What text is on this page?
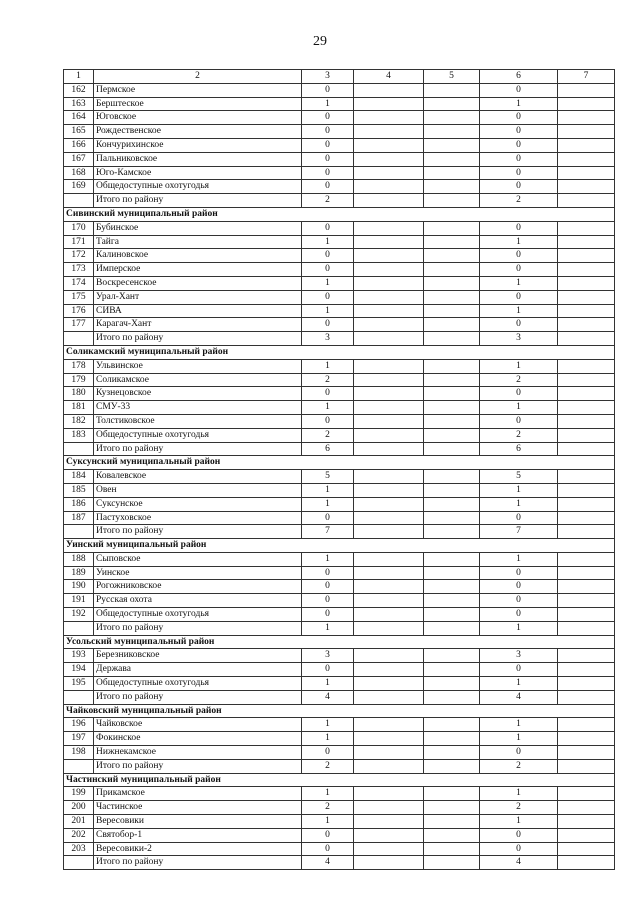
29
1	2	3	4	5	6	7
162	Пермское	0			0	
163	Берштеское	1			1	
164	Юговское	0			0	
165	Рождественское	0			0	
166	Кончурихинское	0			0	
167	Пальниковское	0			0	
168	Юго-Камское	0			0	
169	Общедоступные охотугодья	0			0	
	Итого по району	2			2	
Сивинский муниципальный район						
170	Бубинское	0			0	
171	Тайга	1			1	
172	Калиновское	0			0	
173	Имперское	0			0	
174	Воскресенское	1			1	
175	Урал-Хант	0			0	
176	СИВА	1			1	
177	Карагач-Хант	0			0	
	Итого по району	3			3	
Соликамский муниципальный район						
178	Ульвинское	1			1	
179	Соликамское	2			2	
180	Кузнецовское	0			0	
181	СМУ-33	1			1	
182	Толстиковское	0			0	
183	Общедоступные охотугодья	2			2	
	Итого по району	6			6	
Суксунский муниципальный район						
184	Ковалевское	5			5	
185	Овен	1			1	
186	Суксунское	1			1	
187	Пастуховское	0			0	
	Итого по району	7			7	
Уинский муниципальный район						
188	Сыповское	1			1	
189	Уинское	0			0	
190	Рогожниковское	0			0	
191	Русская охота	0			0	
192	Общедоступные охотугодья	0			0	
	Итого по району	1			1	
Усольский муниципальный район						
193	Березниковское	3			3	
194	Держава	0			0	
195	Общедоступные охотугодья	1			1	
	Итого по району	4			4	
Чайковский муниципальный район						
196	Чайковское	1			1	
197	Фокинское	1			1	
198	Нижнекамское	0			0	
	Итого по району	2			2	
Частинский муниципальный район						
199	Прикамское	1			1	
200	Частинское	2			2	
201	Вересовики	1			1	
202	Святобор-1	0			0	
203	Вересовики-2	0			0	
	Итого по району	4			4	
